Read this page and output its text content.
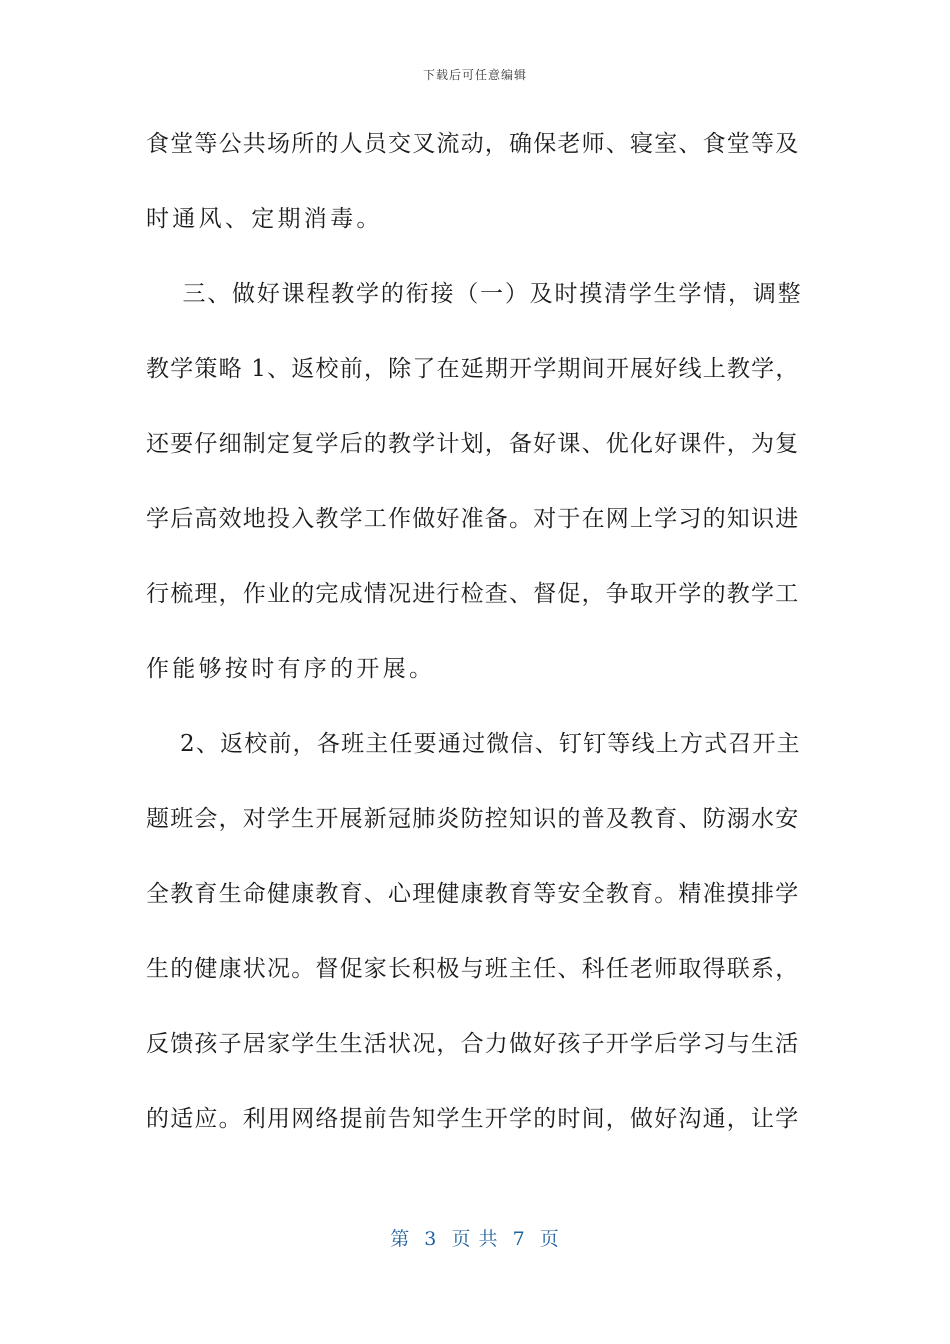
下载后可任意编辑
食堂等公共场所的人员交叉流动，确保老师、寝室、食堂等及
时通风、定期消毒。
三、做好课程教学的衔接（一）及时摸清学生学情，调整
教学策略 1、返校前，除了在延期开学期间开展好线上教学，
还要仔细制定复学后的教学计划，备好课、优化好课件，为复
学后高效地投入教学工作做好准备。对于在网上学习的知识进
行梳理，作业的完成情况进行检查、督促，争取开学的教学工
作能够按时有序的开展。
2、返校前，各班主任要通过微信、钉钉等线上方式召开主
题班会，对学生开展新冠肺炎防控知识的普及教育、防溺水安
全教育生命健康教育、心理健康教育等安全教育。精准摸排学
生的健康状况。督促家长积极与班主任、科任老师取得联系，
反馈孩子居家学生生活状况，合力做好孩子开学后学习与生活
的适应。利用网络提前告知学生开学的时间，做好沟通，让学
第  3  页 共  7  页
